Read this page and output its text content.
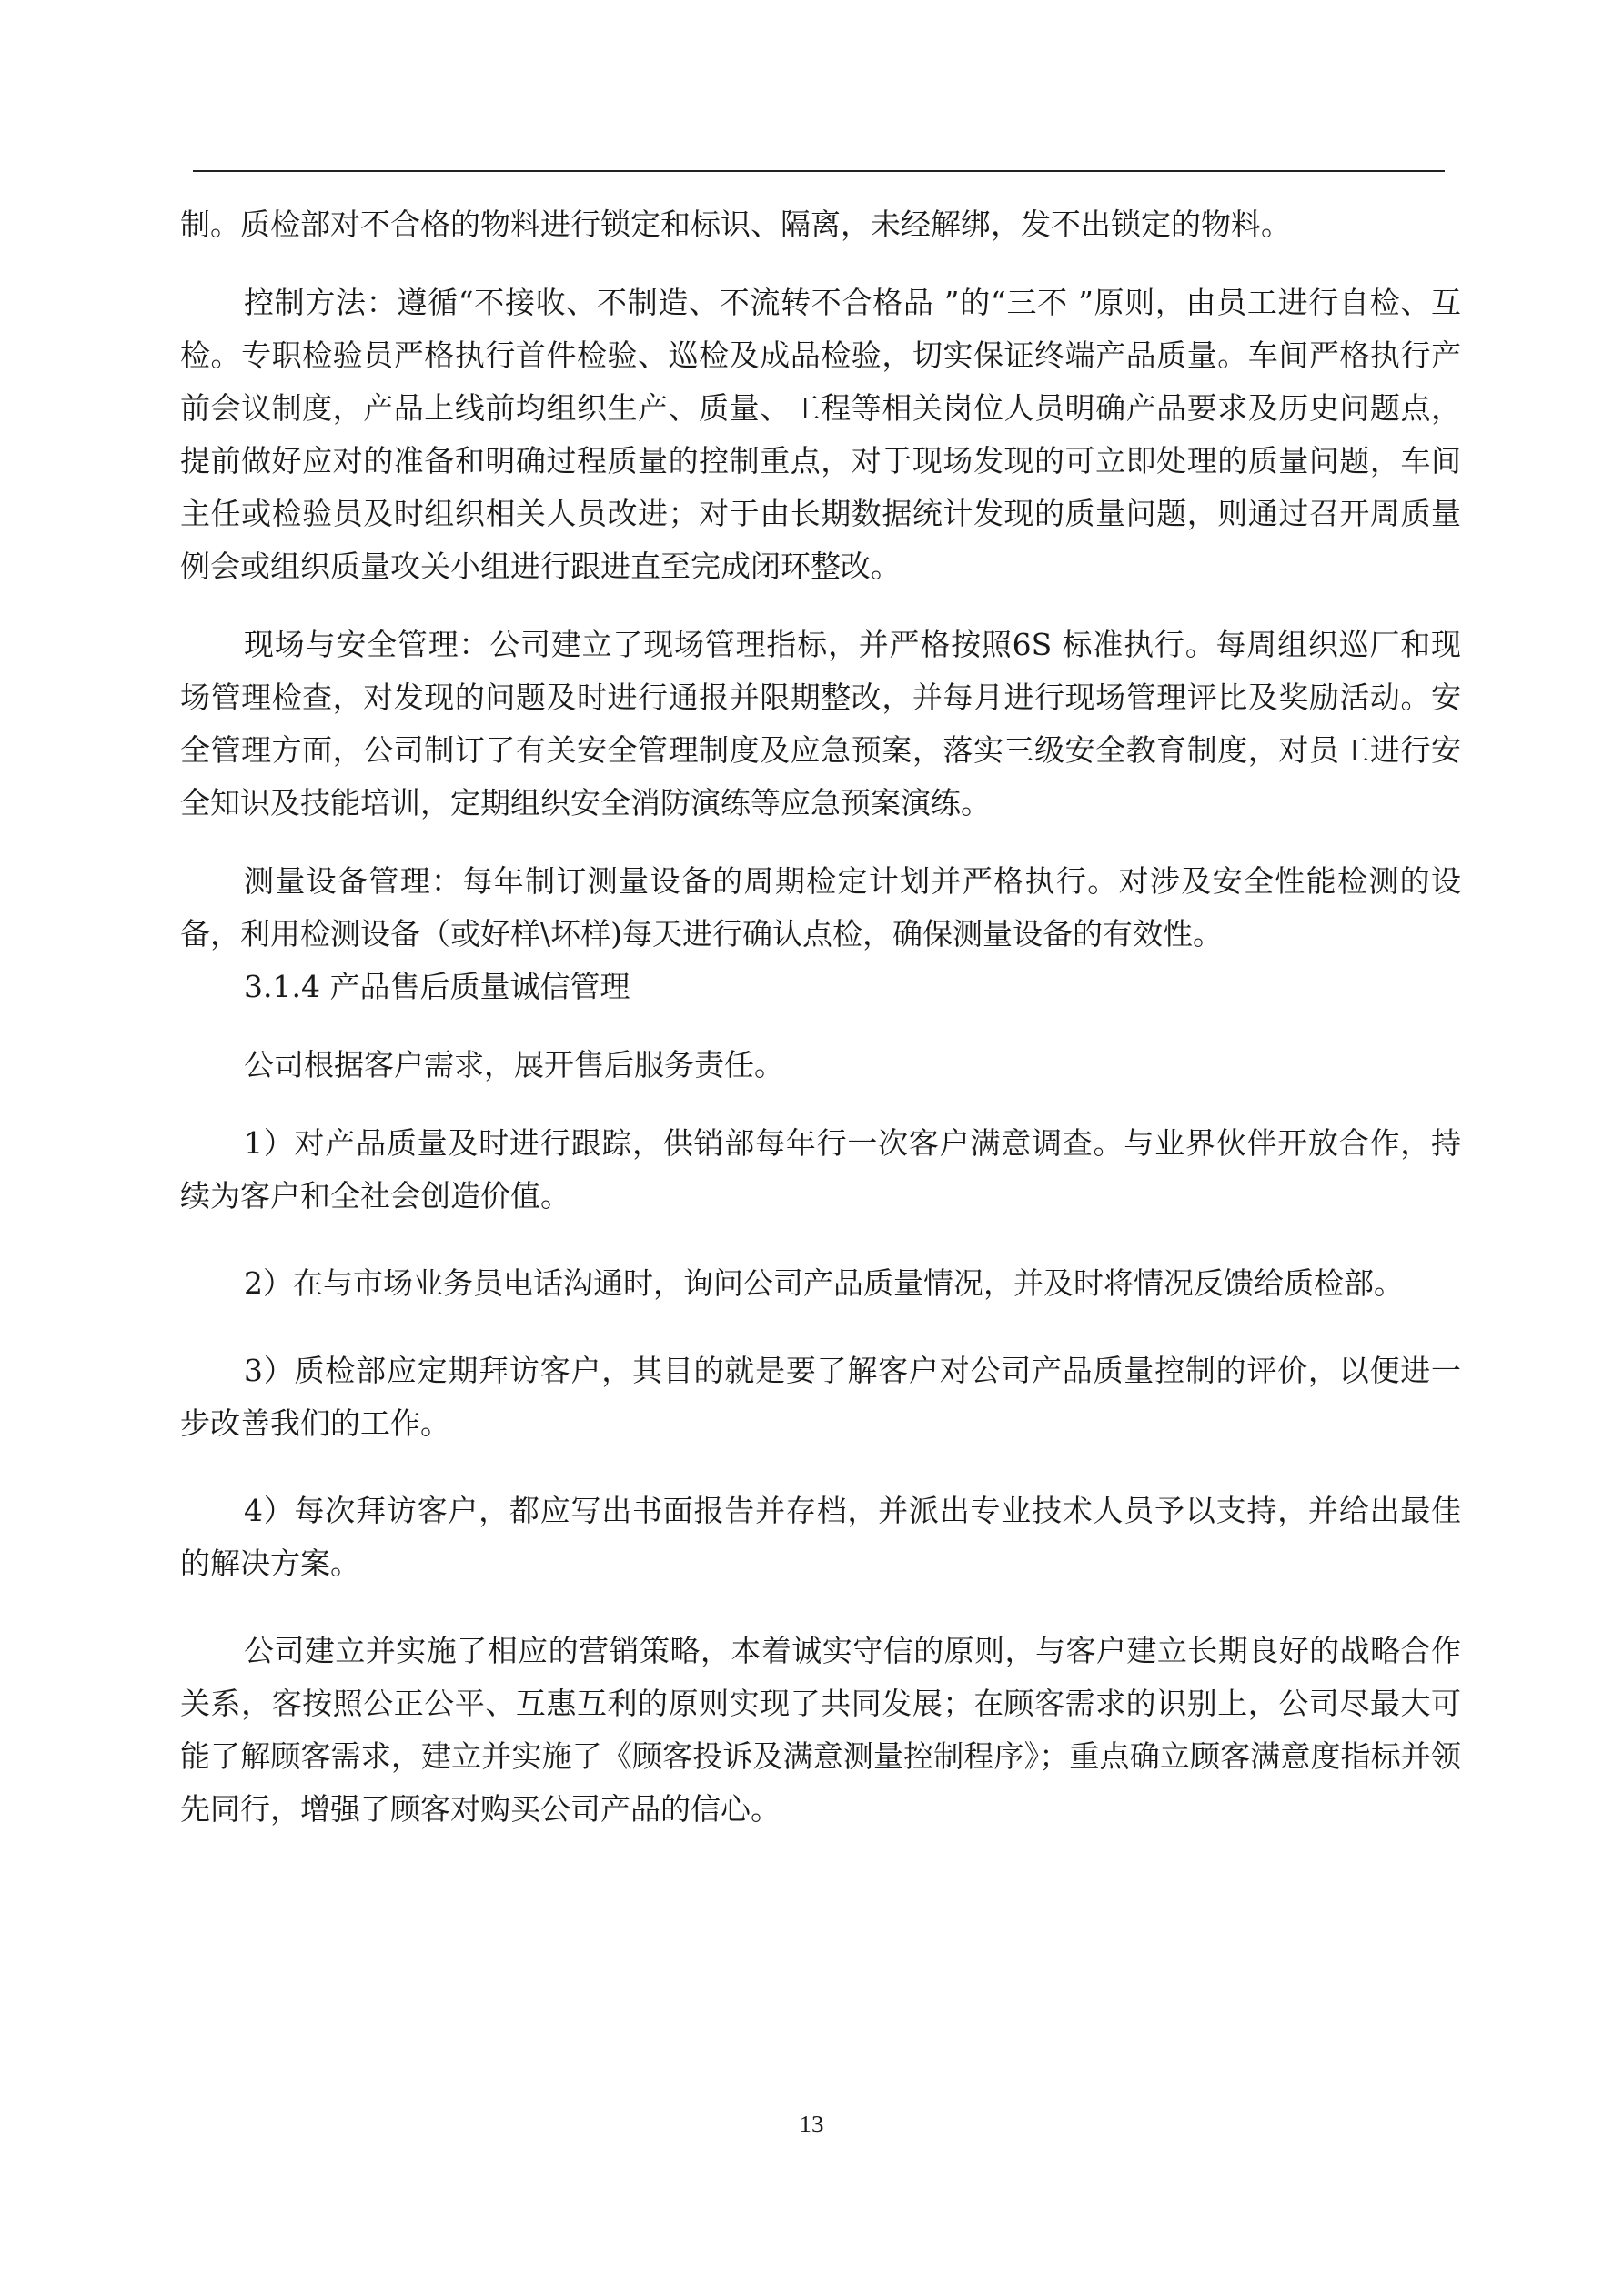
制。质检部对不合格的物料进行锁定和标识、隔离，未经解绑，发不出锁定的物料。

控制方法：遵循“不接收、不制造、不流转不合格品 ”的“三不 ”原则，由员工进行自检、互检。专职检验员严格执行首件检验、巡检及成品检验，切实保证终端产品质量。车间严格执行产前会议制度，产品上线前均组织生产、质量、工程等相关岗位人员明确产品要求及历史问题点，提前做好应对的准备和明确过程质量的控制重点，对于现场发现的可立即处理的质量问题，车间主任或检验员及时组织相关人员改进；对于由长期数据统计发现的质量问题，则通过召开周质量例会或组织质量攻关小组进行跟进直至完成闭环整改。

现场与安全管理：公司建立了现场管理指标，并严格按照6S 标准执行。每周组织巡厂和现场管理检查，对发现的问题及时进行通报并限期整改，并每月进行现场管理评比及奖励活动。安全管理方面，公司制订了有关安全管理制度及应急预案，落实三级安全教育制度，对员工进行安全知识及技能培训，定期组织安全消防演练等应急预案演练。

测量设备管理：每年制订测量设备的周期检定计划并严格执行。对涉及安全性能检测的设备，利用检测设备（或好样\坏样)每天进行确认点检，确保测量设备的有效性。

3.1.4 产品售后质量诚信管理

公司根据客户需求，展开售后服务责任。

1）对产品质量及时进行跟踪，供销部每年行一次客户满意调查。与业界伙伴开放合作，持续为客户和全社会创造价值。

2）在与市场业务员电话沟通时，询问公司产品质量情况，并及时将情况反馈给质检部。

3）质检部应定期拜访客户，其目的就是要了解客户对公司产品质量控制的评价，以便进一步改善我们的工作。

4）每次拜访客户，都应写出书面报告并存档，并派出专业技术人员予以支持，并给出最佳的解决方案。

公司建立并实施了相应的营销策略，本着诚实守信的原则，与客户建立长期良好的战略合作关系，客按照公正公平、互惠互利的原则实现了共同发展；在顾客需求的识别上，公司尽最大可能了解顾客需求，建立并实施了《顾客投诉及满意测量控制程序》；重点确立顾客满意度指标并领先同行，增强了顾客对购买公司产品的信心。

13
